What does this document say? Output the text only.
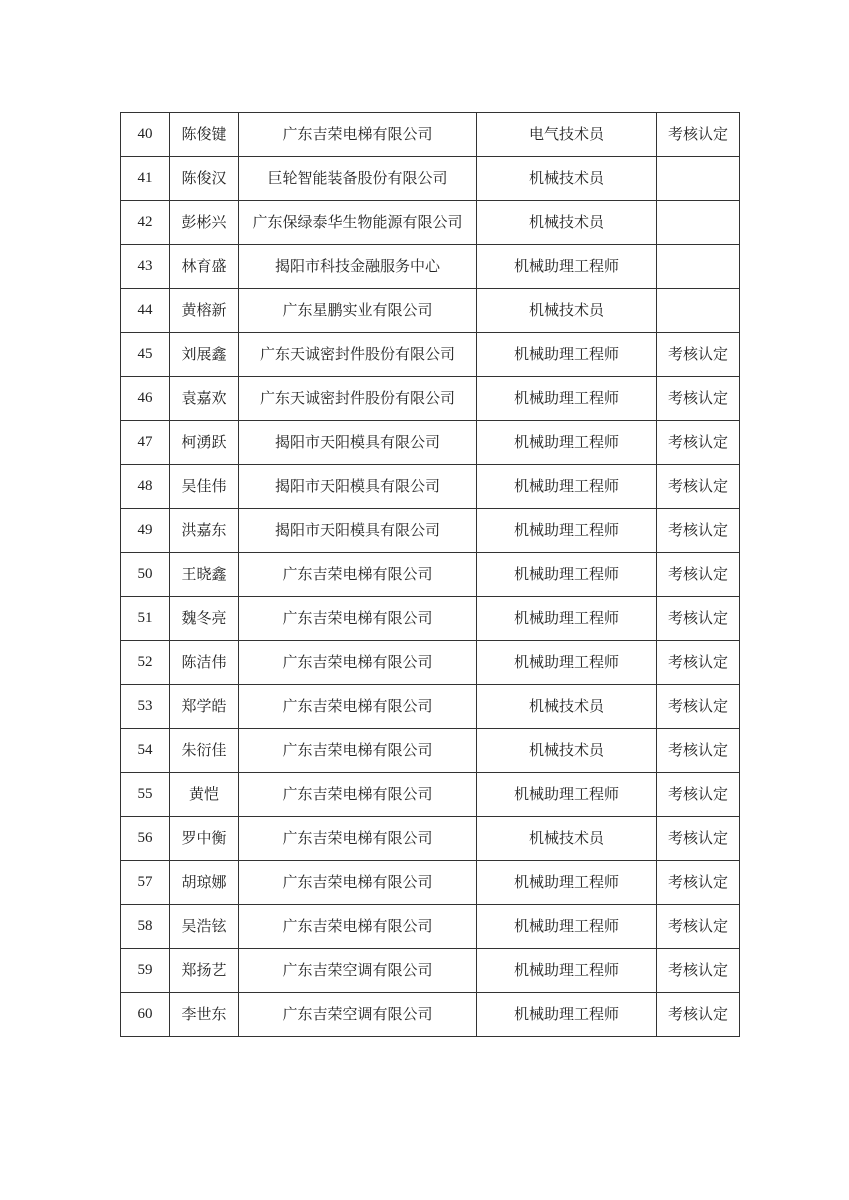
40	陈俊键	广东吉荣电梯有限公司	电气技术员	考核认定
41	陈俊汉	巨轮智能装备股份有限公司	机械技术员	
42	彭彬兴	广东保绿泰华生物能源有限公司	机械技术员	
43	林育盛	揭阳市科技金融服务中心	机械助理工程师	
44	黄榕新	广东星鹏实业有限公司	机械技术员	
45	刘展鑫	广东天诚密封件股份有限公司	机械助理工程师	考核认定
46	袁嘉欢	广东天诚密封件股份有限公司	机械助理工程师	考核认定
47	柯湧跃	揭阳市天阳模具有限公司	机械助理工程师	考核认定
48	吴佳伟	揭阳市天阳模具有限公司	机械助理工程师	考核认定
49	洪嘉东	揭阳市天阳模具有限公司	机械助理工程师	考核认定
50	王晓鑫	广东吉荣电梯有限公司	机械助理工程师	考核认定
51	魏冬亮	广东吉荣电梯有限公司	机械助理工程师	考核认定
52	陈洁伟	广东吉荣电梯有限公司	机械助理工程师	考核认定
53	郑学皓	广东吉荣电梯有限公司	机械技术员	考核认定
54	朱衍佳	广东吉荣电梯有限公司	机械技术员	考核认定
55	黄恺	广东吉荣电梯有限公司	机械助理工程师	考核认定
56	罗中衡	广东吉荣电梯有限公司	机械技术员	考核认定
57	胡琼娜	广东吉荣电梯有限公司	机械助理工程师	考核认定
58	吴浩铉	广东吉荣电梯有限公司	机械助理工程师	考核认定
59	郑扬艺	广东吉荣空调有限公司	机械助理工程师	考核认定
60	李世东	广东吉荣空调有限公司	机械助理工程师	考核认定
